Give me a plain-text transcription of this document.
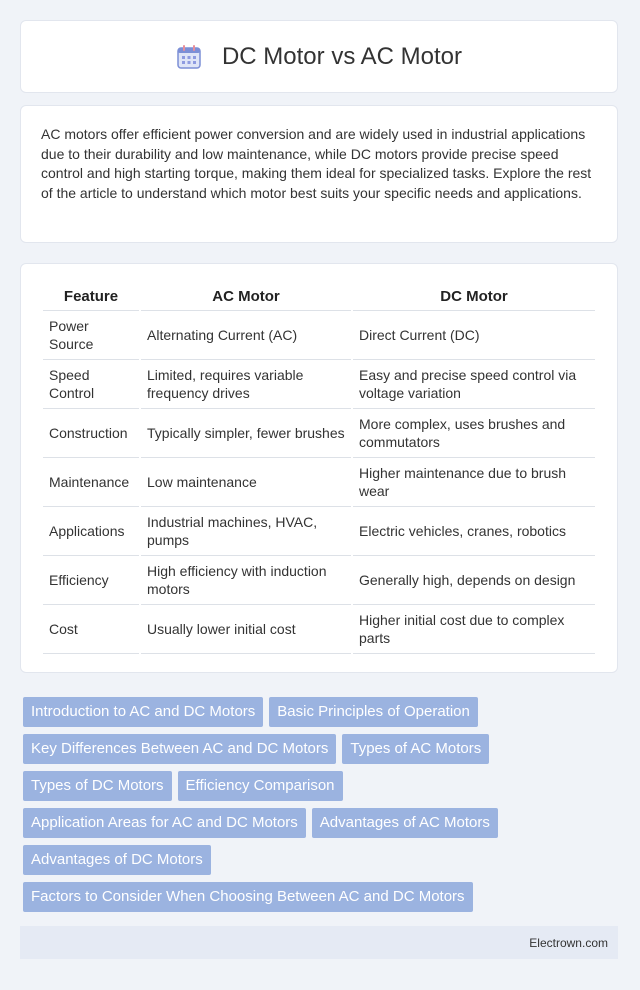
DC Motor vs AC Motor

AC motors offer efficient power conversion and are widely used in industrial applications due to their durability and low maintenance, while DC motors provide precise speed control and high starting torque, making them ideal for specialized tasks. Explore the rest of the article to understand which motor best suits your specific needs and applications.

Feature	AC Motor	DC Motor
Power Source	Alternating Current (AC)	Direct Current (DC)
Speed Control	Limited, requires variable frequency drives	Easy and precise speed control via voltage variation
Construction	Typically simpler, fewer brushes	More complex, uses brushes and commutators
Maintenance	Low maintenance	Higher maintenance due to brush wear
Applications	Industrial machines, HVAC, pumps	Electric vehicles, cranes, robotics
Efficiency	High efficiency with induction motors	Generally high, depends on design
Cost	Usually lower initial cost	Higher initial cost due to complex parts
Introduction to AC and DC Motors Basic Principles of Operation
Key Differences Between AC and DC Motors Types of AC Motors
Types of DC Motors Efficiency Comparison
Application Areas for AC and DC Motors Advantages of AC Motors
Advantages of DC Motors
Factors to Consider When Choosing Between AC and DC Motors
Electrown.com
